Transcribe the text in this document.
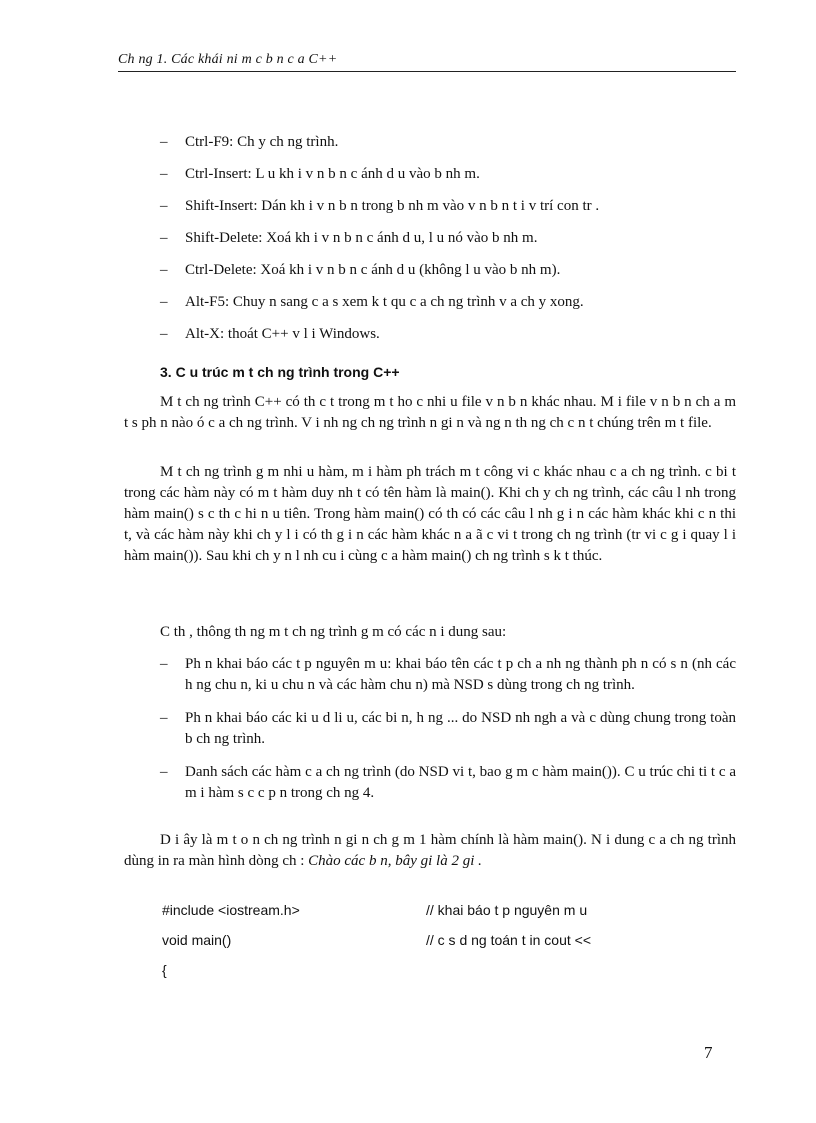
Ch ng 1. Các khái ni m c b n c a C++
– Ctrl-F9: Ch y ch ng trình.
– Ctrl-Insert: L u kh i v n b n c ánh d u vào b nh m.
– Shift-Insert: Dán kh i v n b n trong b nh m vào v n b n t i v trí con tr .
– Shift-Delete: Xoá kh i v n b n c ánh d u, l u nó vào b nh m.
– Ctrl-Delete: Xoá kh i v n b n c ánh d u (không l u vào b nh m).
– Alt-F5: Chuy n sang c a s xem k t qu c a ch ng trình v a ch y xong.
– Alt-X: thoát C++ v l i Windows.
3. C u trúc m t ch ng trình trong C++

M t ch ng trình C++ có th c t trong m t ho c nhi u file v n b n khác nhau. M i file v n b n ch a m t s ph n nào ó c a ch ng trình. V i nh ng ch ng trình n gi n và ng n th ng ch c n t chúng trên m t file.

M t ch ng trình g m nhi u hàm, m i hàm ph trách m t công vi c khác nhau c a ch ng trình. c bi t trong các hàm này có m t hàm duy nh t có tên hàm là main(). Khi ch y ch ng trình, các câu l nh trong hàm main() s c th c hi n u tiên. Trong hàm main() có th có các câu l nh g i n các hàm khác khi c n thi t, và các hàm này khi ch y l i có th g i n các hàm khác n a ã c vi t trong ch ng trình (tr vi c g i quay l i hàm main()). Sau khi ch y n l nh cu i cùng c a hàm main() ch ng trình s k t thúc.

C th , thông th ng m t ch ng trình g m có các n i dung sau:

– Ph n khai báo các t p nguyên m u: khai báo tên các t p ch a nh ng thành ph n có s n (nh các h ng chu n, ki u chu n và các hàm chu n) mà NSD s dùng trong ch ng trình.
– Ph n khai báo các ki u d li u, các bi n, h ng ... do NSD nh ngh a và c dùng chung trong toàn b ch ng trình.
– Danh sách các hàm c a ch ng trình (do NSD vi t, bao g m c hàm main()). C u trúc chi ti t c a m i hàm s c c p n trong ch ng 4.

D i ây là m t o n ch ng trình n gi n ch g m 1 hàm chính là hàm main(). N i dung c a ch ng trình dùng in ra màn hình dòng ch : Chào các b n, bây gi là 2 gi .

#include <iostream.h>	// khai báo t p nguyên m u
void main()	// c s d ng toán t in cout <<
{
7
